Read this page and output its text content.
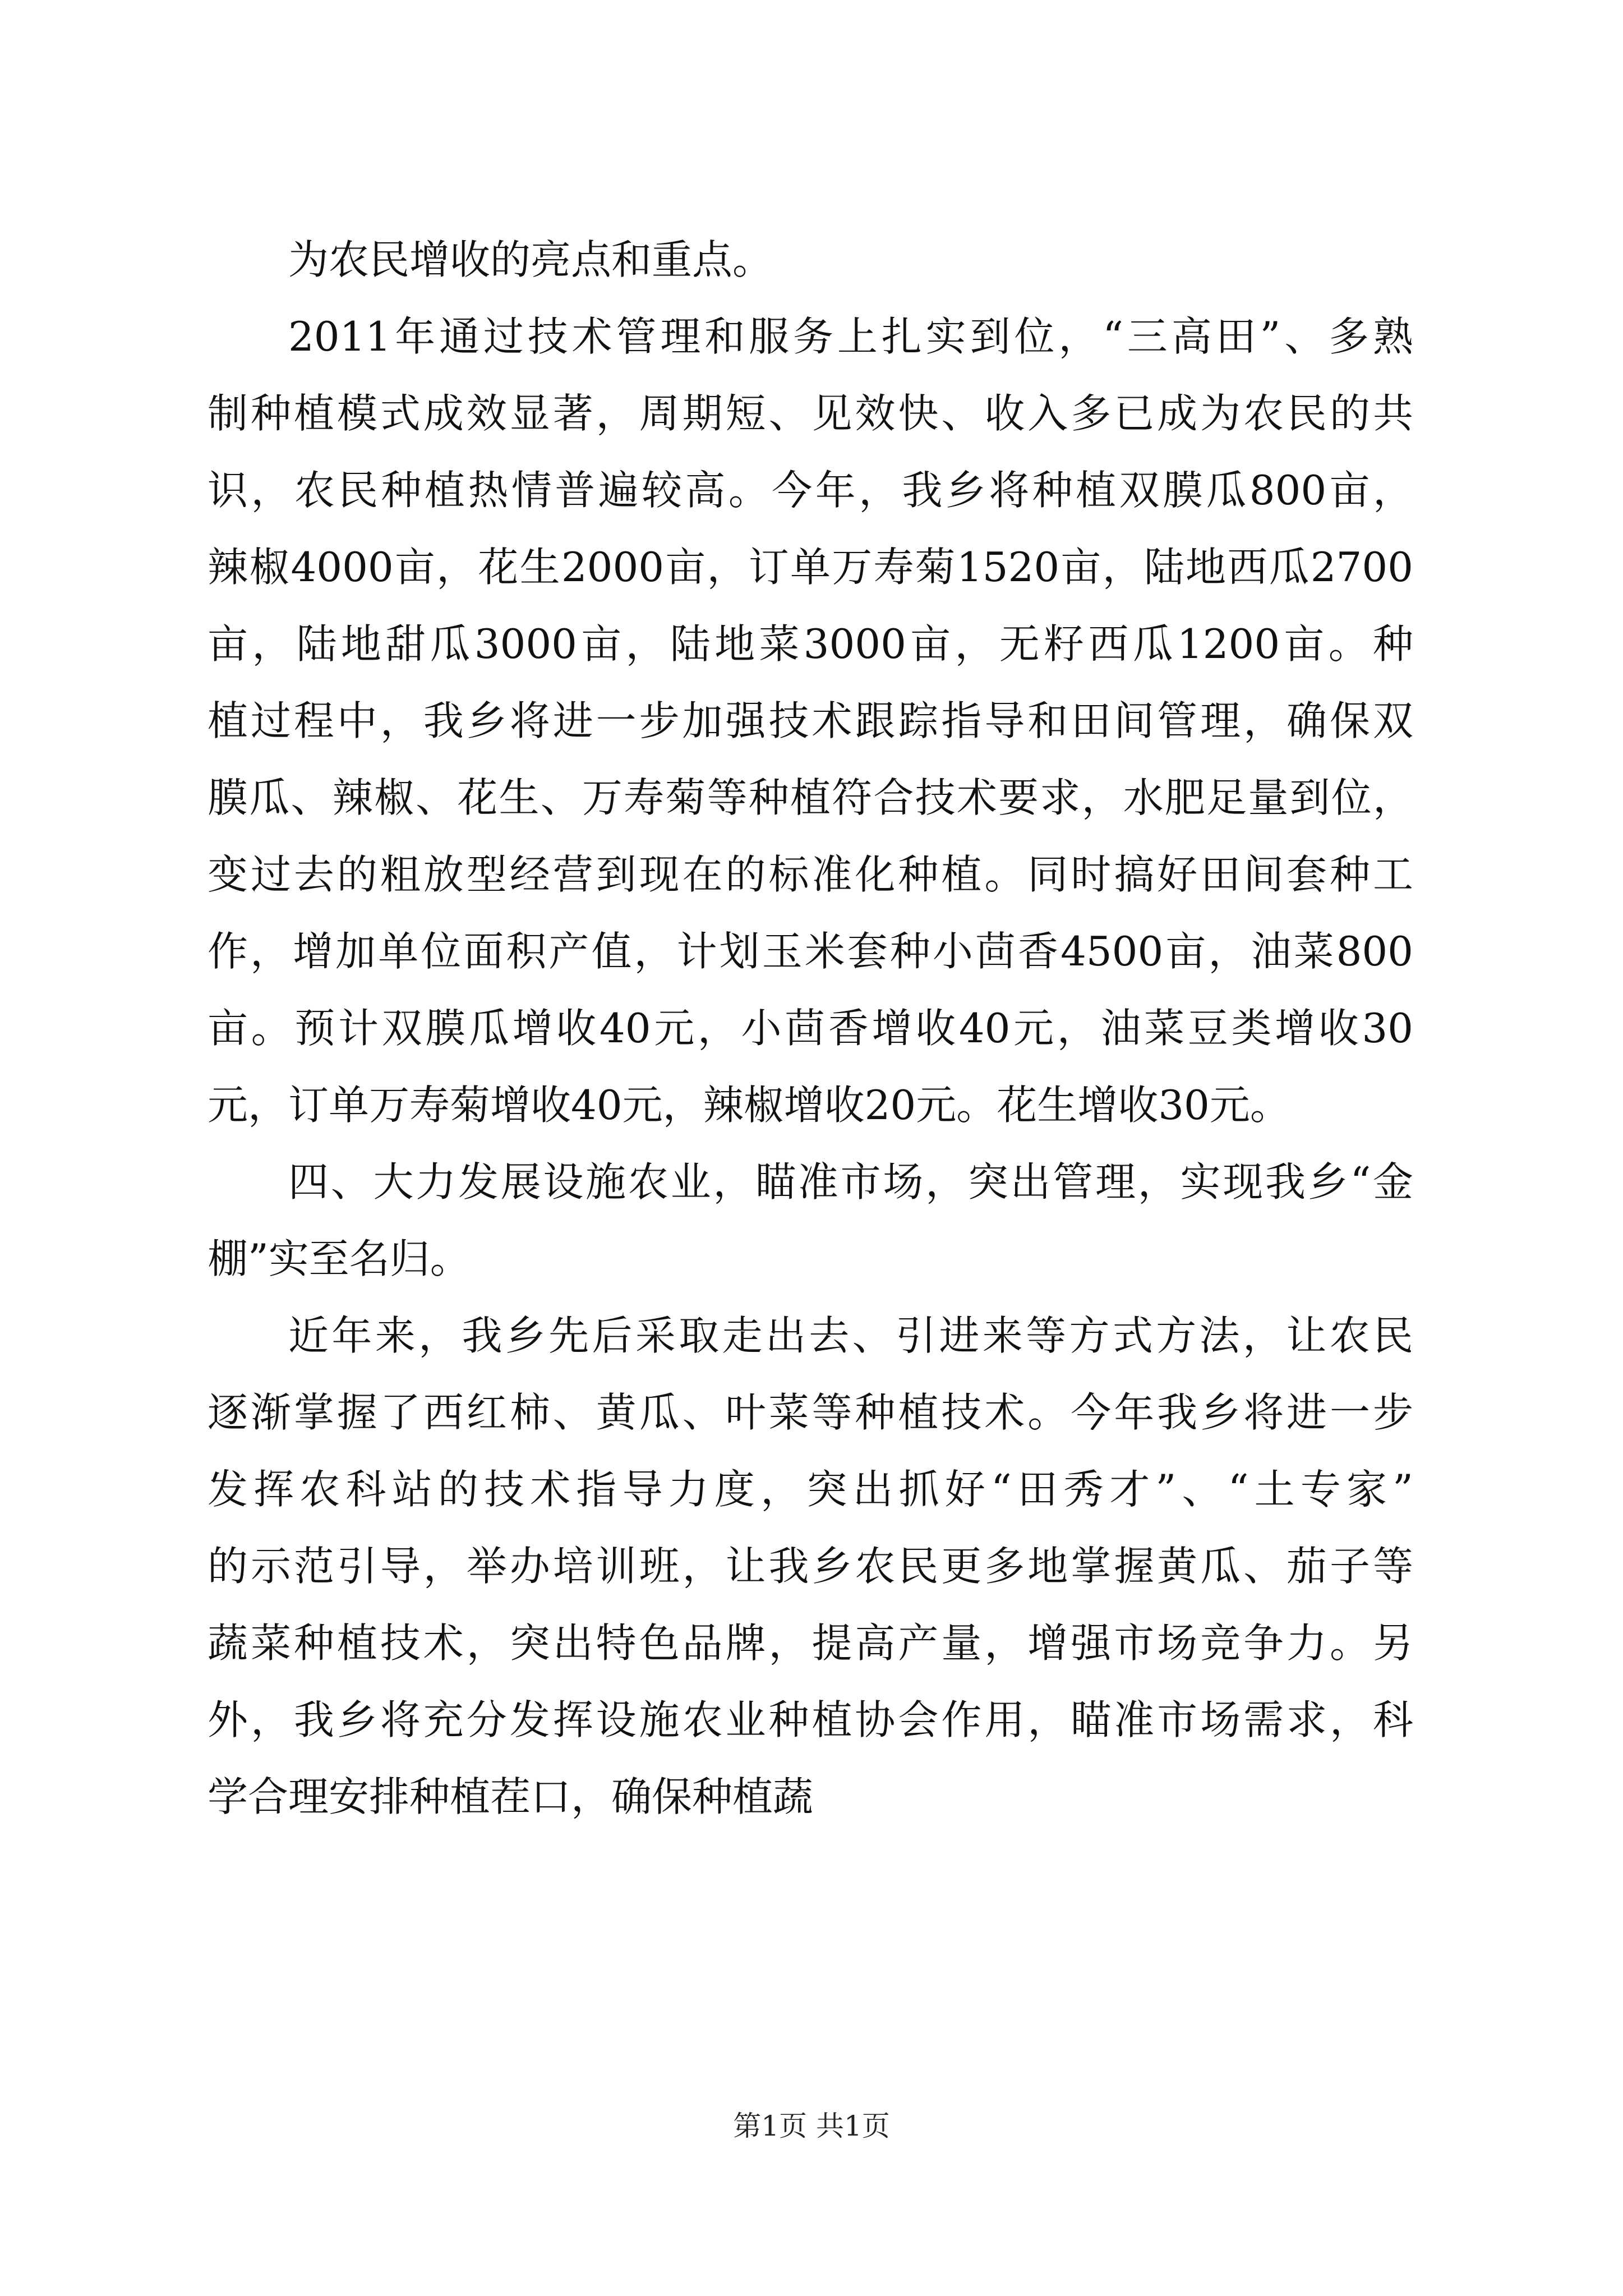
为农民增收的亮点和重点。
2011年通过技术管理和服务上扎实到位，“三高田”、多熟
制种植模式成效显著，周期短、见效快、收入多已成为农民的共
识，农民种植热情普遍较高。今年，我乡将种植双膜瓜800亩，
辣椒4000亩，花生2000亩，订单万寿菊1520亩，陆地西瓜2700
亩，陆地甜瓜3000亩，陆地菜3000亩，无籽西瓜1200亩。种
植过程中，我乡将进一步加强技术跟踪指导和田间管理，确保双
膜瓜、辣椒、花生、万寿菊等种植符合技术要求，水肥足量到位，
变过去的粗放型经营到现在的标准化种植。同时搞好田间套种工
作，增加单位面积产值，计划玉米套种小茴香4500亩，油菜800
亩。预计双膜瓜增收40元，小茴香增收40元，油菜豆类增收30
元，订单万寿菊增收40元，辣椒增收20元。花生增收30元。
四、大力发展设施农业，瞄准市场，突出管理，实现我乡“金
棚”实至名归。
近年来，我乡先后采取走出去、引进来等方式方法，让农民
逐渐掌握了西红柿、黄瓜、叶菜等种植技术。今年我乡将进一步
发挥农科站的技术指导力度，突出抓好“田秀才”、“土专家”
的示范引导，举办培训班，让我乡农民更多地掌握黄瓜、茄子等
蔬菜种植技术，突出特色品牌，提高产量，增强市场竞争力。另
外，我乡将充分发挥设施农业种植协会作用，瞄准市场需求，科
学合理安排种植茬口，确保种植蔬
第1页 共1页
